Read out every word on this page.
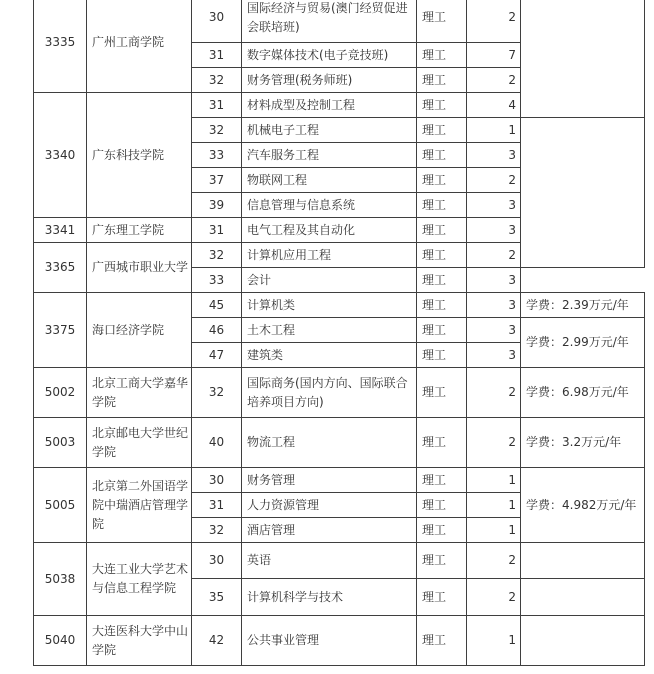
3335	广州工商学院	30	国际经济与贸易(澳门经贸促进会联培班)	理工	2	
		31	数字媒体技术(电子竞技班)	理工	7	
		32	财务管理(税务师班)	理工	2	
3340	广东科技学院	31	材料成型及控制工程	理工	4	
		32	机械电子工程	理工	1	
		33	汽车服务工程	理工	3	
		37	物联网工程	理工	2	
		39	信息管理与信息系统	理工	3	
3341	广东理工学院	31	电气工程及其自动化	理工	3	
3365	广西城市职业大学	32	计算机应用工程	理工	2	
		33	会计	理工	3	
3375	海口经济学院	45	计算机类	理工	3	学费：2.39万元/年
		46	土木工程	理工	3	学费：2.99万元/年
		47	建筑类	理工	3	
5002	北京工商大学嘉华学院	32	国际商务(国内方向、国际联合培养项目方向)	理工	2	学费：6.98万元/年
5003	北京邮电大学世纪学院	40	物流工程	理工	2	学费：3.2万元/年
5005	北京第二外国语学院中瑞酒店管理学院	30	财务管理	理工	1	学费：4.982万元/年
		31	人力资源管理	理工	1	
		32	酒店管理	理工	1	
5038	大连工业大学艺术与信息工程学院	30	英语	理工	2	
		35	计算机科学与技术	理工	2	
5040	大连医科大学中山学院	42	公共事业管理	理工	1	
